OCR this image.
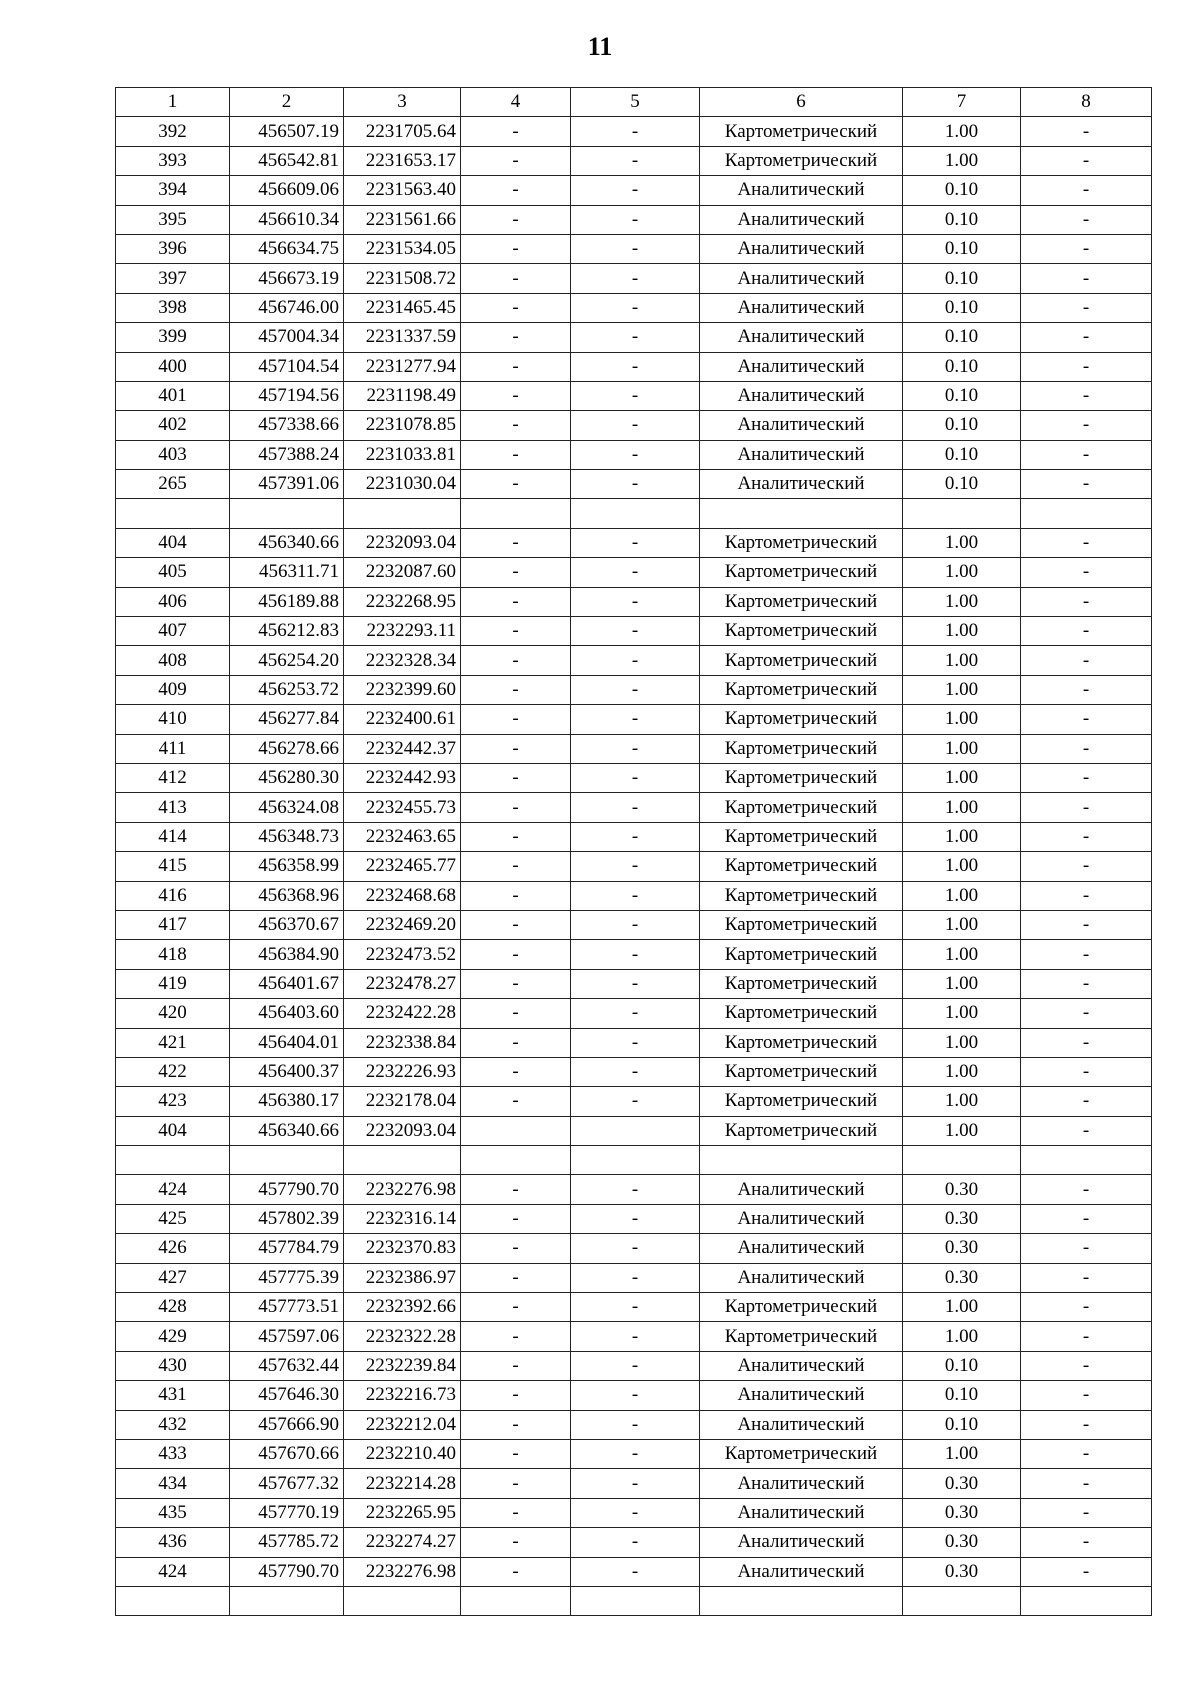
11
1	2	3	4	5	6	7	8
392	456507.19	2231705.64	-	-	Картометрический	1.00	-
393	456542.81	2231653.17	-	-	Картометрический	1.00	-
394	456609.06	2231563.40	-	-	Аналитический	0.10	-
395	456610.34	2231561.66	-	-	Аналитический	0.10	-
396	456634.75	2231534.05	-	-	Аналитический	0.10	-
397	456673.19	2231508.72	-	-	Аналитический	0.10	-
398	456746.00	2231465.45	-	-	Аналитический	0.10	-
399	457004.34	2231337.59	-	-	Аналитический	0.10	-
400	457104.54	2231277.94	-	-	Аналитический	0.10	-
401	457194.56	2231198.49	-	-	Аналитический	0.10	-
402	457338.66	2231078.85	-	-	Аналитический	0.10	-
403	457388.24	2231033.81	-	-	Аналитический	0.10	-
265	457391.06	2231030.04	-	-	Аналитический	0.10	-

404	456340.66	2232093.04	-	-	Картометрический	1.00	-
405	456311.71	2232087.60	-	-	Картометрический	1.00	-
406	456189.88	2232268.95	-	-	Картометрический	1.00	-
407	456212.83	2232293.11	-	-	Картометрический	1.00	-
408	456254.20	2232328.34	-	-	Картометрический	1.00	-
409	456253.72	2232399.60	-	-	Картометрический	1.00	-
410	456277.84	2232400.61	-	-	Картометрический	1.00	-
411	456278.66	2232442.37	-	-	Картометрический	1.00	-
412	456280.30	2232442.93	-	-	Картометрический	1.00	-
413	456324.08	2232455.73	-	-	Картометрический	1.00	-
414	456348.73	2232463.65	-	-	Картометрический	1.00	-
415	456358.99	2232465.77	-	-	Картометрический	1.00	-
416	456368.96	2232468.68	-	-	Картометрический	1.00	-
417	456370.67	2232469.20	-	-	Картометрический	1.00	-
418	456384.90	2232473.52	-	-	Картометрический	1.00	-
419	456401.67	2232478.27	-	-	Картометрический	1.00	-
420	456403.60	2232422.28	-	-	Картометрический	1.00	-
421	456404.01	2232338.84	-	-	Картометрический	1.00	-
422	456400.37	2232226.93	-	-	Картометрический	1.00	-
423	456380.17	2232178.04	-	-	Картометрический	1.00	-
404	456340.66	2232093.04			Картометрический	1.00	-

424	457790.70	2232276.98	-	-	Аналитический	0.30	-
425	457802.39	2232316.14	-	-	Аналитический	0.30	-
426	457784.79	2232370.83	-	-	Аналитический	0.30	-
427	457775.39	2232386.97	-	-	Аналитический	0.30	-
428	457773.51	2232392.66	-	-	Картометрический	1.00	-
429	457597.06	2232322.28	-	-	Картометрический	1.00	-
430	457632.44	2232239.84	-	-	Аналитический	0.10	-
431	457646.30	2232216.73	-	-	Аналитический	0.10	-
432	457666.90	2232212.04	-	-	Аналитический	0.10	-
433	457670.66	2232210.40	-	-	Картометрический	1.00	-
434	457677.32	2232214.28	-	-	Аналитический	0.30	-
435	457770.19	2232265.95	-	-	Аналитический	0.30	-
436	457785.72	2232274.27	-	-	Аналитический	0.30	-
424	457790.70	2232276.98	-	-	Аналитический	0.30	-
